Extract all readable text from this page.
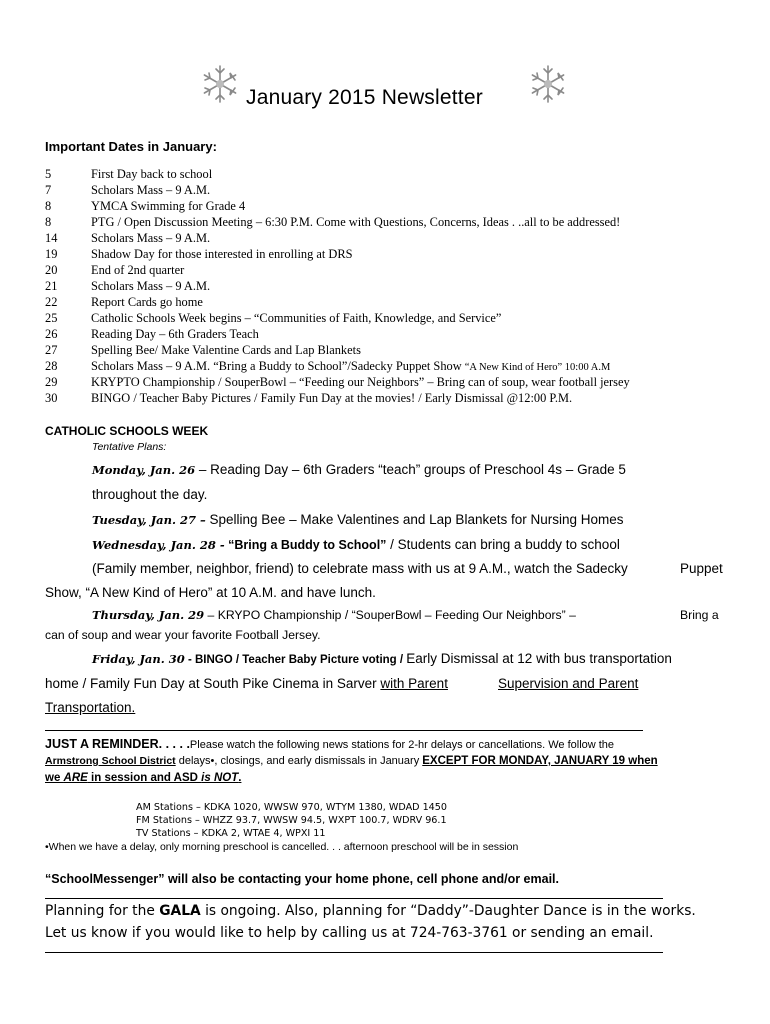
January 2015 Newsletter
Important Dates in January:
5	First Day back to school
7	Scholars Mass – 9 A.M.
8	YMCA Swimming for Grade 4
8	PTG / Open Discussion Meeting – 6:30 P.M. Come with Questions, Concerns, Ideas . ..all to be addressed!
14	Scholars Mass – 9 A.M.
19	Shadow Day for those interested in enrolling at DRS
20	End of 2nd quarter
21	Scholars Mass – 9 A.M.
22	Report Cards go home
25	Catholic Schools Week begins – “Communities of Faith, Knowledge, and Service”
26	Reading Day – 6th Graders Teach
27	Spelling Bee/ Make Valentine Cards and Lap Blankets
28	Scholars Mass – 9 A.M. “Bring a Buddy to School”/Sadecky Puppet Show “A New Kind of Hero” 10:00 A.M
29	KRYPTO Championship / SouperBowl – “Feeding our Neighbors” – Bring can of soup, wear football jersey
30	BINGO / Teacher Baby Pictures / Family Fun Day at the movies! / Early Dismissal @12:00 P.M.
CATHOLIC SCHOOLS WEEK
Tentative Plans:
Monday, Jan. 26 – Reading Day – 6th Graders “teach” groups of Preschool 4s – Grade 5
throughout the day.
Tuesday, Jan. 27 – Spelling Bee – Make Valentines and Lap Blankets for Nursing Homes
Wednesday, Jan. 28 - “Bring a Buddy to School” / Students can bring a buddy to school
(Family member, neighbor, friend) to celebrate mass with us at 9 A.M., watch the Sadecky	Puppet
Show, “A New Kind of Hero” at 10 A.M. and have lunch.
Thursday, Jan. 29 – KRYPO Championship / “SouperBowl – Feeding Our Neighbors” –	Bring a
can of soup and wear your favorite Football Jersey.
Friday, Jan. 30 - BINGO / Teacher Baby Picture voting / Early Dismissal at 12 with bus transportation
home / Family Fun Day at South Pike Cinema in Sarver with Parent	Supervision and Parent
Transportation.
JUST A REMINDER. . . . .Please watch the following news stations for 2-hr delays or cancellations. We follow the
Armstrong School District delays•, closings, and early dismissals in January EXCEPT FOR MONDAY, JANUARY 19 when
we ARE in session and ASD is NOT.
AM Stations – KDKA 1020, WWSW 970, WTYM 1380, WDAD 1450
FM Stations – WHZZ 93.7, WWSW 94.5, WXPT 100.7, WDRV 96.1
TV Stations – KDKA 2, WTAE 4, WPXI 11
•When we have a delay, only morning preschool is cancelled. . . afternoon preschool will be in session
“SchoolMessenger” will also be contacting your home phone, cell phone and/or email.
Planning for the GALA is ongoing. Also, planning for “Daddy”-Daughter Dance is in the works.
Let us know if you would like to help by calling us at 724-763-3761 or sending an email.
